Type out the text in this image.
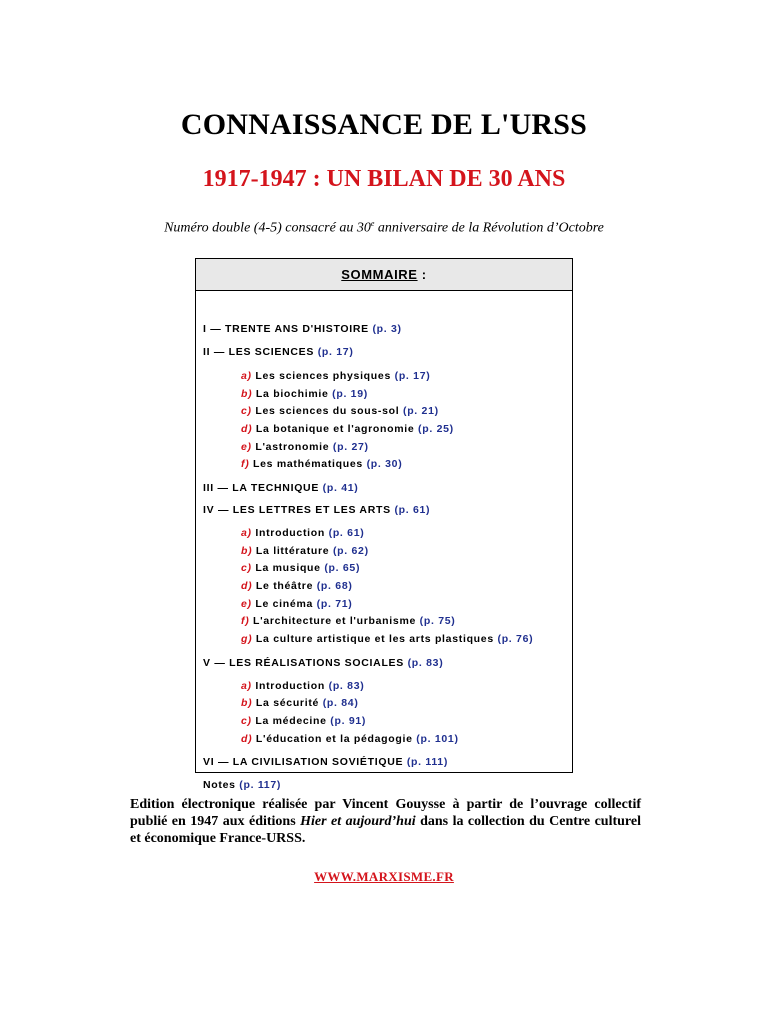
CONNAISSANCE DE L'URSS
1917-1947 : UN BILAN DE 30 ANS
Numéro double (4-5) consacré au 30e anniversaire de la Révolution d’Octobre
SOMMAIRE :
I — TRENTE ANS D'HISTOIRE (p. 3)
II — LES SCIENCES (p. 17)
a) Les sciences physiques (p. 17)
b) La biochimie (p. 19)
c) Les sciences du sous-sol (p. 21)
d) La botanique et l'agronomie (p. 25)
e) L'astronomie (p. 27)
f) Les mathématiques (p. 30)
III — LA TECHNIQUE (p. 41)
IV — LES LETTRES ET LES ARTS (p. 61)
a) Introduction (p. 61)
b) La littérature (p. 62)
c) La musique (p. 65)
d) Le théâtre (p. 68)
e) Le cinéma (p. 71)
f) L'architecture et l'urbanisme (p. 75)
g) La culture artistique et les arts plastiques (p. 76)
V — LES RÉALISATIONS SOCIALES (p. 83)
a) Introduction (p. 83)
b) La sécurité (p. 84)
c) La médecine (p. 91)
d) L'éducation et la pédagogie (p. 101)
VI — LA CIVILISATION SOVIÉTIQUE (p. 111)
Notes (p. 117)
Edition électronique réalisée par Vincent Gouysse à partir de l’ouvrage collectif publié en 1947 aux éditions Hier et aujourd’hui dans la collection du Centre culturel et économique France-URSS.
WWW.MARXISME.FR
